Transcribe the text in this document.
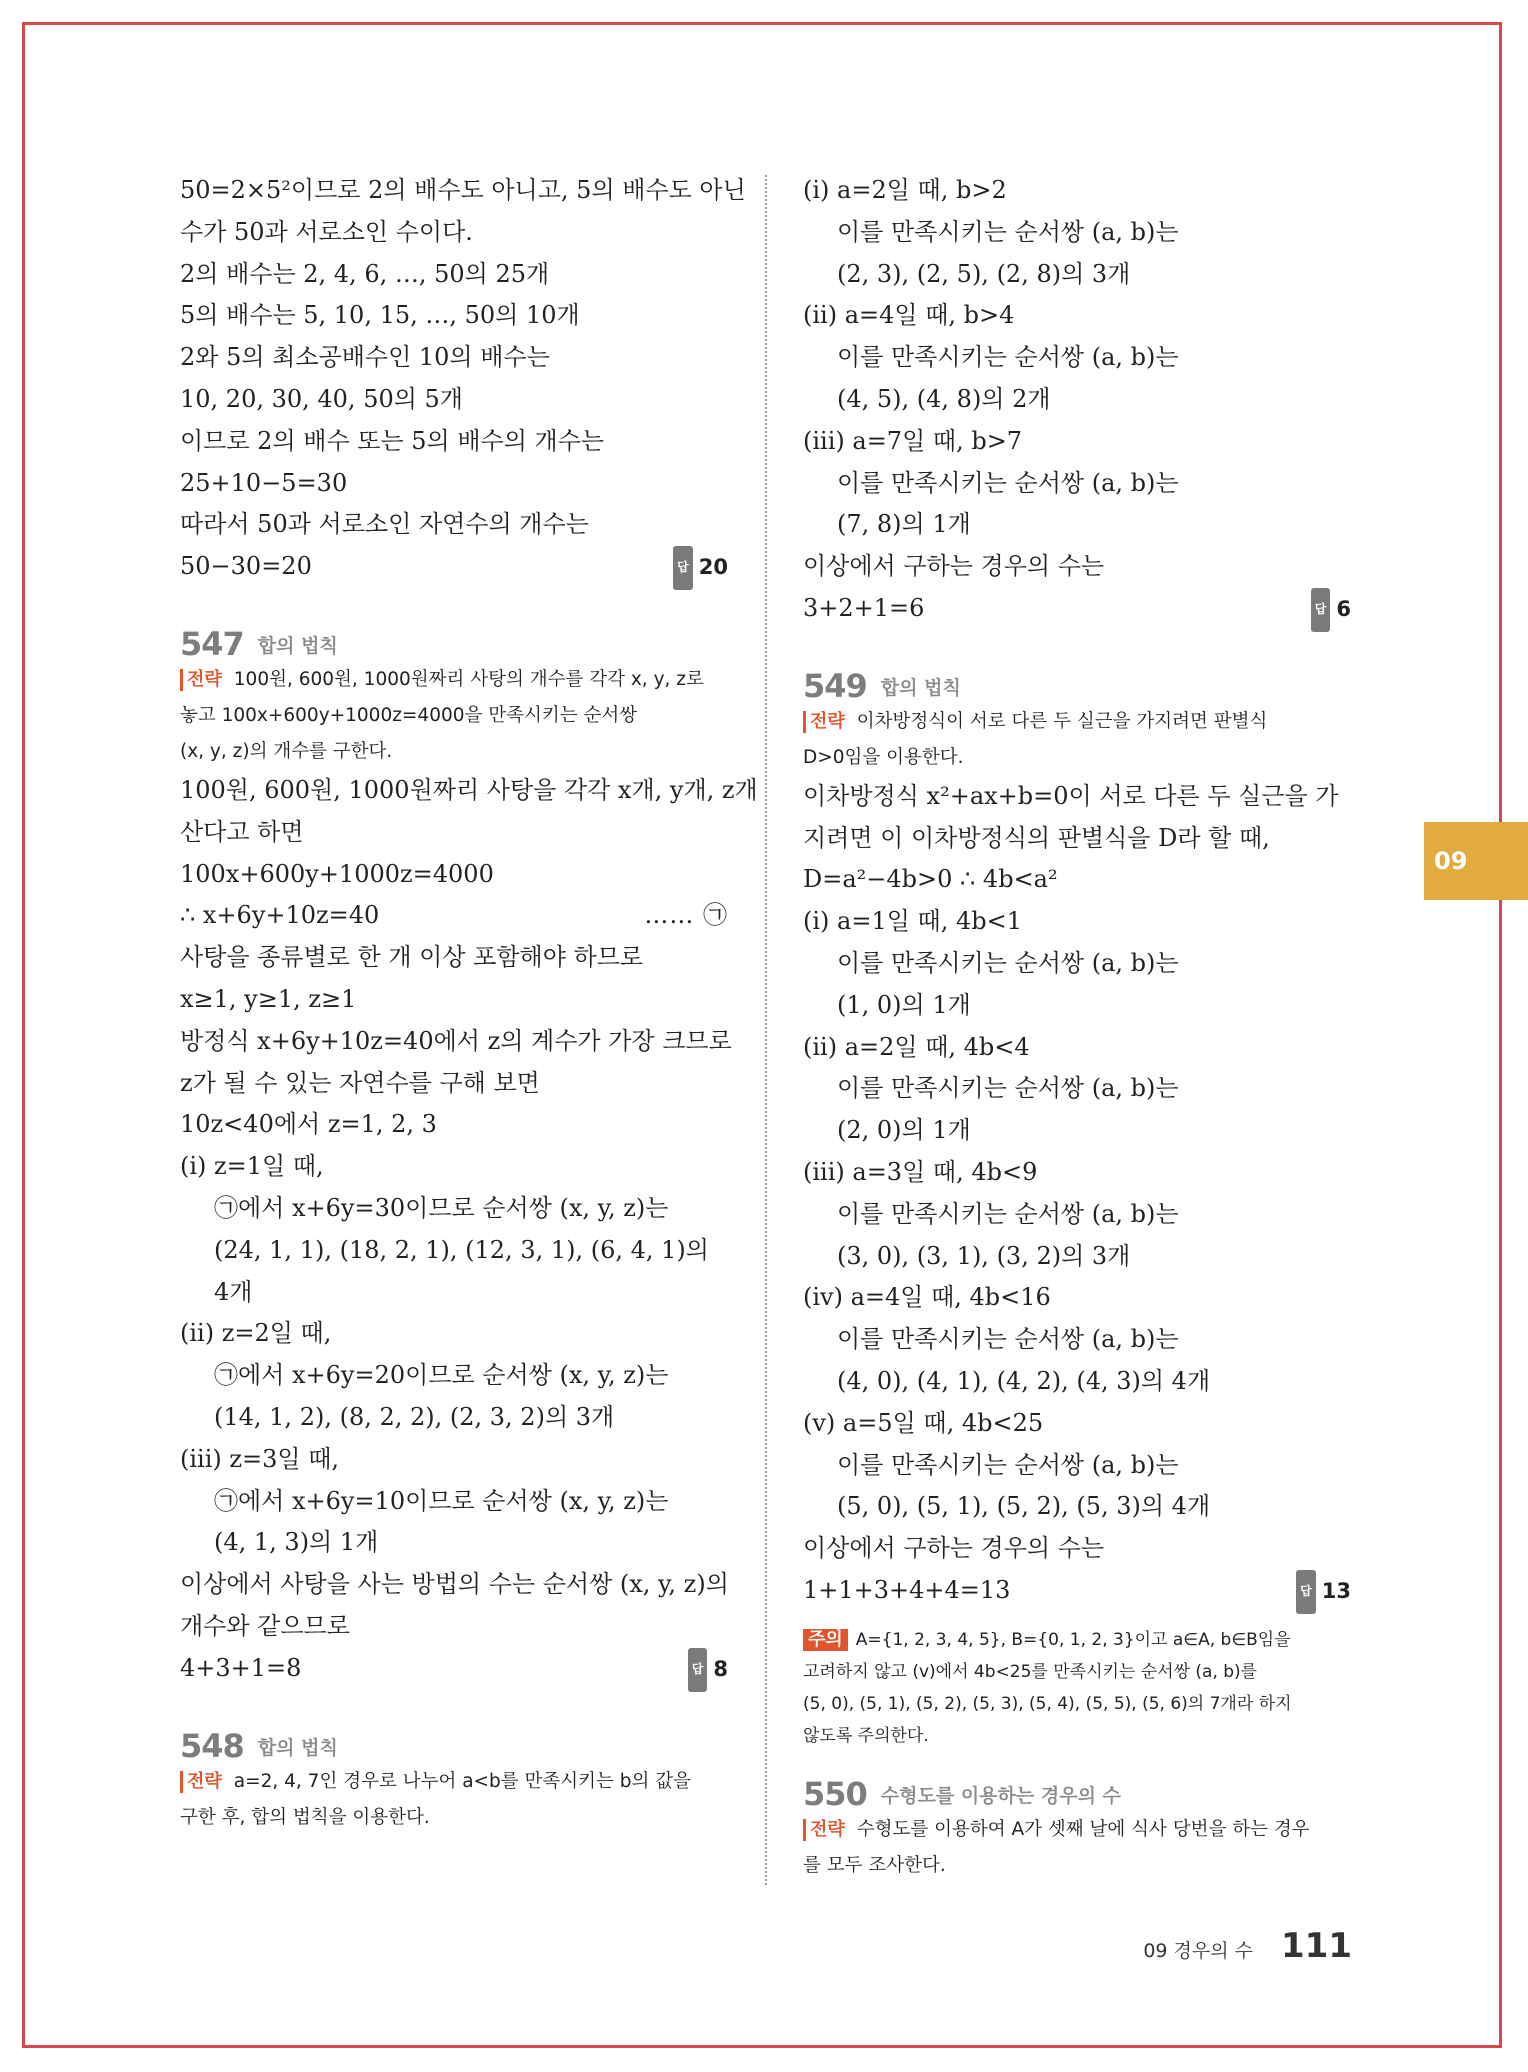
09
50=2×5²이므로 2의 배수도 아니고, 5의 배수도 아닌
수가 50과 서로소인 수이다.
2의 배수는 2, 4, 6, …, 50의 25개
5의 배수는 5, 10, 15, …, 50의 10개
2와 5의 최소공배수인 10의 배수는
10, 20, 30, 40, 50의 5개
이므로 2의 배수 또는 5의 배수의 개수는
25+10−5=30
따라서 50과 서로소인 자연수의 개수는
50−30=20	답 20
547 합의 법칙
전략 100원, 600원, 1000원짜리 사탕의 개수를 각각 x, y, z로
놓고 100x+600y+1000z=4000을 만족시키는 순서쌍
(x, y, z)의 개수를 구한다.
100원, 600원, 1000원짜리 사탕을 각각 x개, y개, z개
산다고 하면
100x+600y+1000z=4000
∴ x+6y+10z=40	…… ㉠
사탕을 종류별로 한 개 이상 포함해야 하므로
x≥1, y≥1, z≥1
방정식 x+6y+10z=40에서 z의 계수가 가장 크므로
z가 될 수 있는 자연수를 구해 보면
10z<40에서 z=1, 2, 3
(i) z=1일 때,
㉠에서 x+6y=30이므로 순서쌍 (x, y, z)는
(24, 1, 1), (18, 2, 1), (12, 3, 1), (6, 4, 1)의
4개
(ii) z=2일 때,
㉠에서 x+6y=20이므로 순서쌍 (x, y, z)는
(14, 1, 2), (8, 2, 2), (2, 3, 2)의 3개
(iii) z=3일 때,
㉠에서 x+6y=10이므로 순서쌍 (x, y, z)는
(4, 1, 3)의 1개
이상에서 사탕을 사는 방법의 수는 순서쌍 (x, y, z)의
개수와 같으므로
4+3+1=8	답 8
548 합의 법칙
전략 a=2, 4, 7인 경우로 나누어 a<b를 만족시키는 b의 값을
구한 후, 합의 법칙을 이용한다.
(i) a=2일 때, b>2
이를 만족시키는 순서쌍 (a, b)는
(2, 3), (2, 5), (2, 8)의 3개
(ii) a=4일 때, b>4
이를 만족시키는 순서쌍 (a, b)는
(4, 5), (4, 8)의 2개
(iii) a=7일 때, b>7
이를 만족시키는 순서쌍 (a, b)는
(7, 8)의 1개
이상에서 구하는 경우의 수는
3+2+1=6	답 6
549 합의 법칙
전략 이차방정식이 서로 다른 두 실근을 가지려면 판별식
D>0임을 이용한다.
이차방정식 x²+ax+b=0이 서로 다른 두 실근을 가
지려면 이 이차방정식의 판별식을 D라 할 때,
D=a²−4b>0 ∴ 4b<a²
(i) a=1일 때, 4b<1
이를 만족시키는 순서쌍 (a, b)는
(1, 0)의 1개
(ii) a=2일 때, 4b<4
이를 만족시키는 순서쌍 (a, b)는
(2, 0)의 1개
(iii) a=3일 때, 4b<9
이를 만족시키는 순서쌍 (a, b)는
(3, 0), (3, 1), (3, 2)의 3개
(iv) a=4일 때, 4b<16
이를 만족시키는 순서쌍 (a, b)는
(4, 0), (4, 1), (4, 2), (4, 3)의 4개
(v) a=5일 때, 4b<25
이를 만족시키는 순서쌍 (a, b)는
(5, 0), (5, 1), (5, 2), (5, 3)의 4개
이상에서 구하는 경우의 수는
1+1+3+4+4=13	답 13
주의 A={1, 2, 3, 4, 5}, B={0, 1, 2, 3}이고 a∈A, b∈B임을
고려하지 않고 (v)에서 4b<25를 만족시키는 순서쌍 (a, b)를
(5, 0), (5, 1), (5, 2), (5, 3), (5, 4), (5, 5), (5, 6)의 7개라 하지
않도록 주의한다.
550 수형도를 이용하는 경우의 수
전략 수형도를 이용하여 A가 셋째 날에 식사 당번을 하는 경우
를 모두 조사한다.
09 경우의 수 111
